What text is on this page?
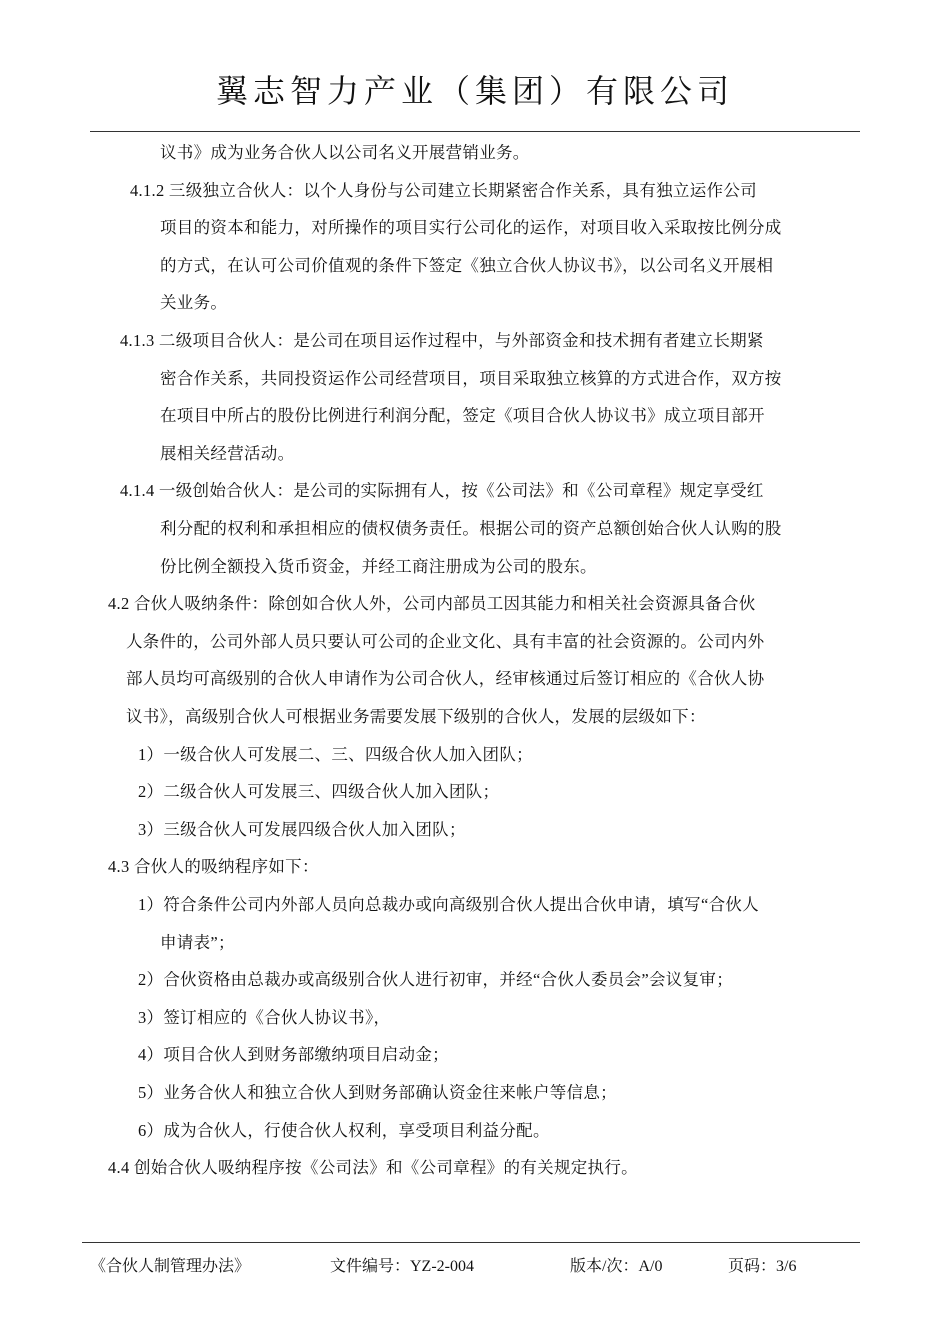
翼志智力产业（集团）有限公司
议书》成为业务合伙人以公司名义开展营销业务。
4.1.2 三级独立合伙人：以个人身份与公司建立长期紧密合作关系，具有独立运作公司
项目的资本和能力，对所操作的项目实行公司化的运作，对项目收入采取按比例分成
的方式，在认可公司价值观的条件下签定《独立合伙人协议书》，以公司名义开展相
关业务。
4.1.3 二级项目合伙人：是公司在项目运作过程中，与外部资金和技术拥有者建立长期紧
密合作关系，共同投资运作公司经营项目，项目采取独立核算的方式进合作，双方按
在项目中所占的股份比例进行利润分配，签定《项目合伙人协议书》成立项目部开
展相关经营活动。
4.1.4 一级创始合伙人：是公司的实际拥有人，按《公司法》和《公司章程》规定享受红
利分配的权利和承担相应的债权债务责任。根据公司的资产总额创始合伙人认购的股
份比例全额投入货币资金，并经工商注册成为公司的股东。
4.2 合伙人吸纳条件：除创如合伙人外，公司内部员工因其能力和相关社会资源具备合伙
人条件的，公司外部人员只要认可公司的企业文化、具有丰富的社会资源的。公司内外
部人员均可高级别的合伙人申请作为公司合伙人，经审核通过后签订相应的《合伙人协
议书》，高级别合伙人可根据业务需要发展下级别的合伙人，发展的层级如下：
1）一级合伙人可发展二、三、四级合伙人加入团队；
2）二级合伙人可发展三、四级合伙人加入团队；
3）三级合伙人可发展四级合伙人加入团队；
4.3 合伙人的吸纳程序如下：
1）符合条件公司内外部人员向总裁办或向高级别合伙人提出合伙申请，填写“合伙人
申请表”；
2）合伙资格由总裁办或高级别合伙人进行初审，并经“合伙人委员会”会议复审；
3）签订相应的《合伙人协议书》，
4）项目合伙人到财务部缴纳项目启动金；
5）业务合伙人和独立合伙人到财务部确认资金往来帐户等信息；
6）成为合伙人，行使合伙人权利，享受项目利益分配。
4.4 创始合伙人吸纳程序按《公司法》和《公司章程》的有关规定执行。
《合伙人制管理办法》	文件编号：YZ-2-004	版本/次：A/0	页码：3/6
